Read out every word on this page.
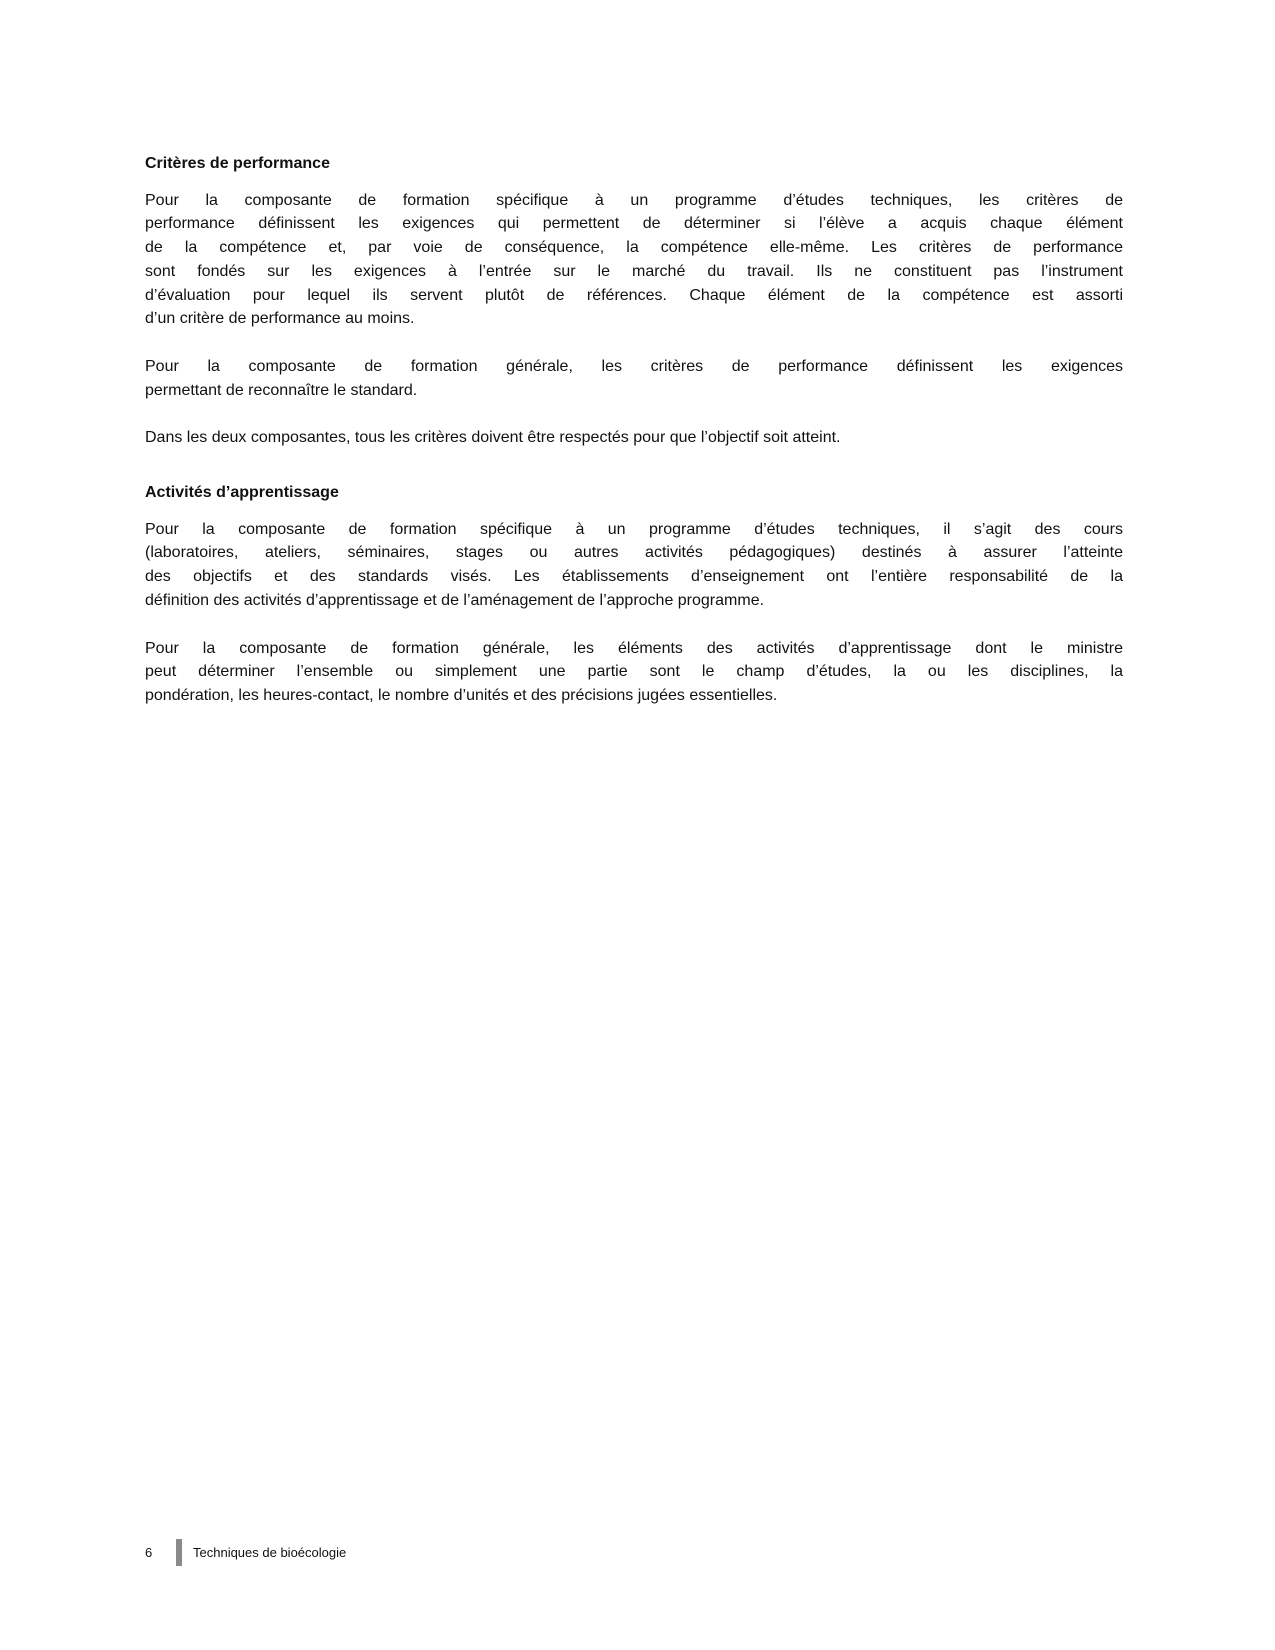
Critères de performance
Pour la composante de formation spécifique à un programme d’études techniques, les critères de
performance définissent les exigences qui permettent de déterminer si l’élève a acquis chaque élément
de la compétence et, par voie de conséquence, la compétence elle-même. Les critères de performance
sont fondés sur les exigences à l’entrée sur le marché du travail. Ils ne constituent pas l’instrument
d’évaluation pour lequel ils servent plutôt de références. Chaque élément de la compétence est assorti
d’un critère de performance au moins.
Pour la composante de formation générale, les critères de performance définissent les exigences
permettant de reconnaître le standard.
Dans les deux composantes, tous les critères doivent être respectés pour que l’objectif soit atteint.
Activités d’apprentissage
Pour la composante de formation spécifique à un programme d’études techniques, il s’agit des cours
(laboratoires, ateliers, séminaires, stages ou autres activités pédagogiques) destinés à assurer l’atteinte
des objectifs et des standards visés. Les établissements d’enseignement ont l’entière responsabilité de la
définition des activités d’apprentissage et de l’aménagement de l’approche programme.
Pour la composante de formation générale, les éléments des activités d’apprentissage dont le ministre
peut déterminer l’ensemble ou simplement une partie sont le champ d’études, la ou les disciplines, la
pondération, les heures-contact, le nombre d’unités et des précisions jugées essentielles.
6	Techniques de bioécologie
